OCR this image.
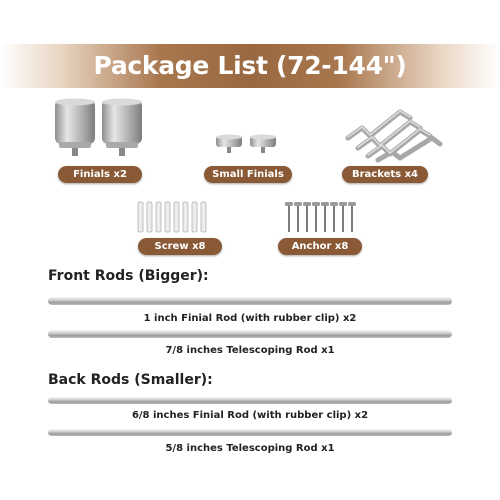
Package List (72-144")
Finials x2	Small Finials x2
Brackets x4
Screw x8	Anchor x8
Front Rods (Bigger):
1 inch Finial Rod (with rubber clip) x2
7/8 inches Telescoping Rod x1
Back Rods (Smaller):
6/8 inches Finial Rod (with rubber clip) x2
5/8 inches Telescoping Rod x1
